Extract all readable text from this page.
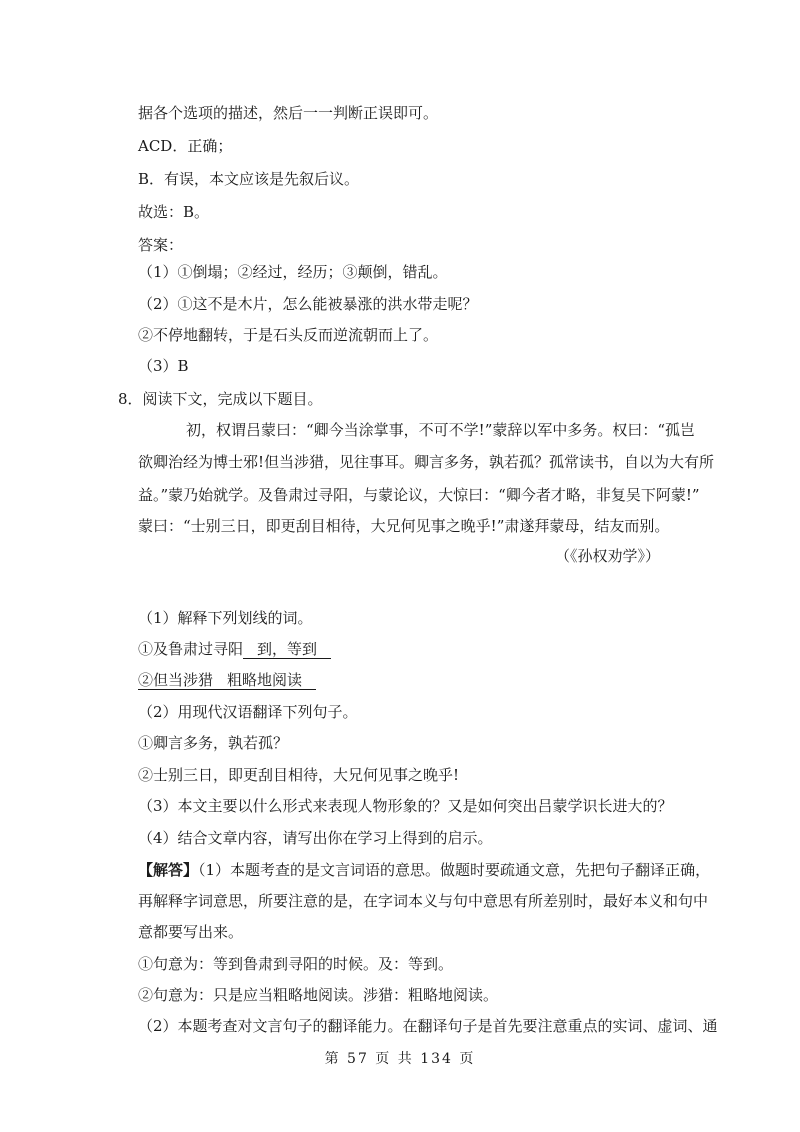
据各个选项的描述，然后一一判断正误即可。
ACD．正确；
B．有误，本文应该是先叙后议。
故选：B。
答案：
（1）①倒塌；②经过，经历；③颠倒，错乱。
（2）①这不是木片，怎么能被暴涨的洪水带走呢？
②不停地翻转，于是石头反而逆流朝而上了。
（3）B
8．阅读下文，完成以下题目。
初，权谓吕蒙曰：“卿今当涂掌事，不可不学!”蒙辞以军中多务。权曰：“孤岂
欲卿治经为博士邪!但当涉猎，见往事耳。卿言多务，孰若孤？孤常读书，自以为大有所
益。”蒙乃始就学。及鲁肃过寻阳，与蒙论议，大惊曰：“卿今者才略，非复吴下阿蒙!”
蒙曰：“士别三日，即更刮目相待，大兄何见事之晚乎!”肃遂拜蒙母，结友而别。
（《孙权劝学》）
（1）解释下列划线的词。
①及鲁肃过寻阳 到，等到
②但当涉猎 粗略地阅读
（2）用现代汉语翻译下列句子。
①卿言多务，孰若孤？
②士别三日，即更刮目相待，大兄何见事之晚乎!
（3）本文主要以什么形式来表现人物形象的？又是如何突出吕蒙学识长进大的？
（4）结合文章内容，请写出你在学习上得到的启示。
【解答】（1）本题考查的是文言词语的意思。做题时要疏通文意，先把句子翻译正确，
再解释字词意思，所要注意的是，在字词本义与句中意思有所差别时，最好本义和句中
意都要写出来。
①句意为：等到鲁肃到寻阳的时候。及：等到。
②句意为：只是应当粗略地阅读。涉猎：粗略地阅读。
（2）本题考查对文言句子的翻译能力。在翻译句子是首先要注意重点的实词、虚词、通
第 57 页 共 134 页
